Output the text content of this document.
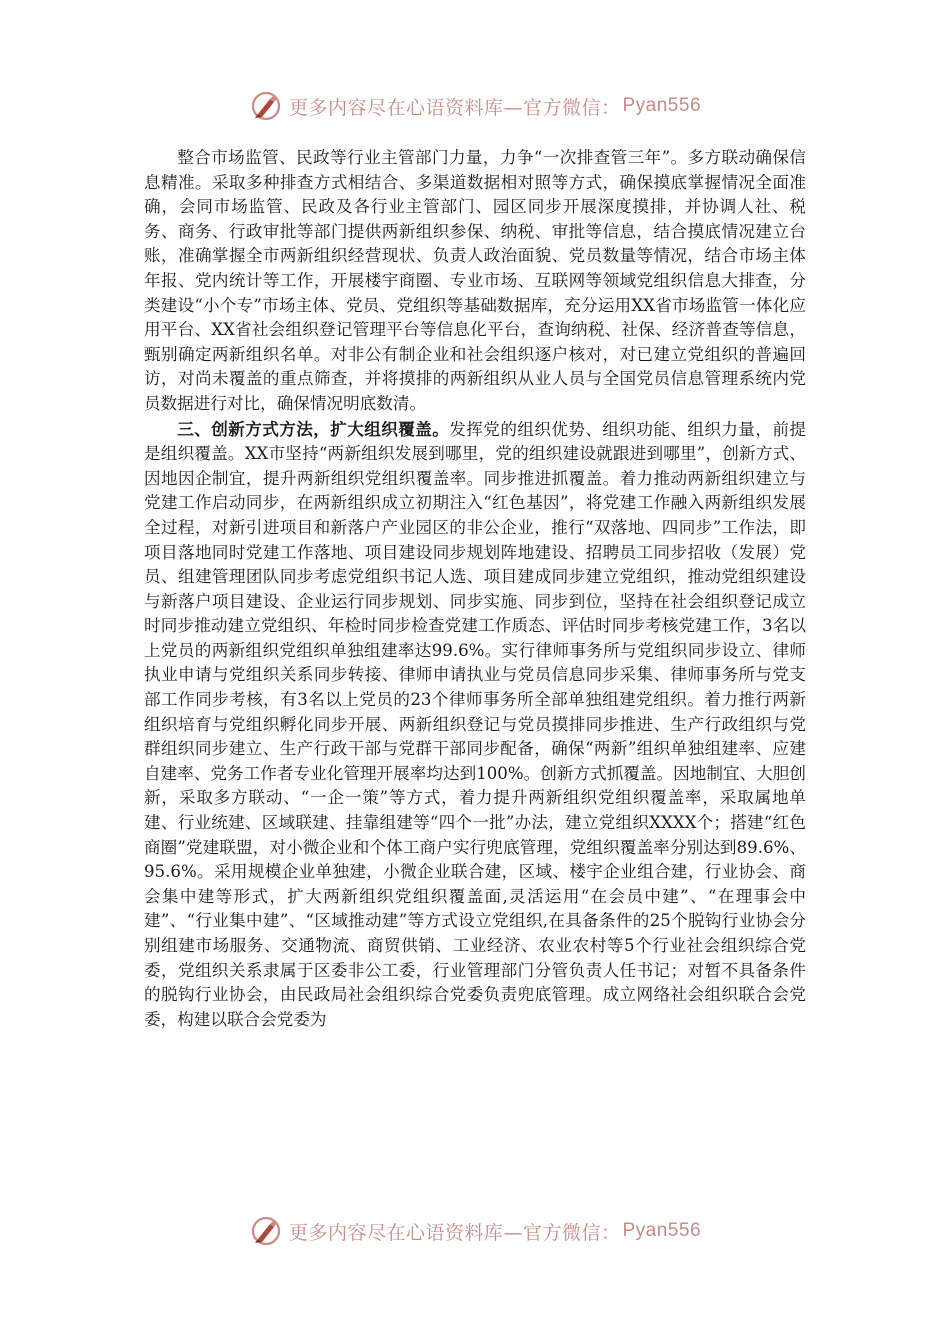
更多内容尽在心语资料库—官方微信： Pyan556

整合市场监管、民政等行业主管部门力量，力争“一次排查管三年”。多方联动确保信息精准。采取多种排查方式相结合、多渠道数据相对照等方式，确保摸底掌握情况全面准确，会同市场监管、民政及各行业主管部门、园区同步开展深度摸排，并协调人社、税务、商务、行政审批等部门提供两新组织参保、纳税、审批等信息，结合摸底情况建立台账，准确掌握全市两新组织经营现状、负责人政治面貌、党员数量等情况，结合市场主体年报、党内统计等工作，开展楼宇商圈、专业市场、互联网等领域党组织信息大排查，分类建设“小个专”市场主体、党员、党组织等基础数据库，充分运用XX省市场监管一体化应用平台、XX省社会组织登记管理平台等信息化平台，查询纳税、社保、经济普查等信息，甄别确定两新组织名单。对非公有制企业和社会组织逐户核对，对已建立党组织的普遍回访，对尚未覆盖的重点筛查，并将摸排的两新组织从业人员与全国党员信息管理系统内党员数据进行对比，确保情况明底数清。

三、创新方式方法，扩大组织覆盖。发挥党的组织优势、组织功能、组织力量，前提是组织覆盖。XX市坚持“两新组织发展到哪里，党的组织建设就跟进到哪里”，创新方式、因地因企制宜，提升两新组织党组织覆盖率。同步推进抓覆盖。着力推动两新组织建立与党建工作启动同步，在两新组织成立初期注入“红色基因”，将党建工作融入两新组织发展全过程，对新引进项目和新落户产业园区的非公企业，推行“双落地、四同步”工作法，即项目落地同时党建工作落地、项目建设同步规划阵地建设、招聘员工同步招收（发展）党员、组建管理团队同步考虑党组织书记人选、项目建成同步建立党组织，推动党组织建设与新落户项目建设、企业运行同步规划、同步实施、同步到位，坚持在社会组织登记成立时同步推动建立党组织、年检时同步检查党建工作质态、评估时同步考核党建工作，3名以上党员的两新组织党组织单独组建率达99.6%。实行律师事务所与党组织同步设立、律师执业申请与党组织关系同步转接、律师申请执业与党员信息同步采集、律师事务所与党支部工作同步考核，有3名以上党员的23个律师事务所全部单独组建党组织。着力推行两新组织培育与党组织孵化同步开展、两新组织登记与党员摸排同步推进、生产行政组织与党群组织同步建立、生产行政干部与党群干部同步配备，确保“两新”组织单独组建率、应建自建率、党务工作者专业化管理开展率均达到100%。创新方式抓覆盖。因地制宜、大胆创新，采取多方联动、“一企一策”等方式，着力提升两新组织党组织覆盖率，采取属地单建、行业统建、区域联建、挂靠组建等“四个一批”办法，建立党组织XXXX个；搭建“红色商圈”党建联盟，对小微企业和个体工商户实行兜底管理，党组织覆盖率分别达到89.6%、95.6%。采用规模企业单独建，小微企业联合建，区域、楼宇企业组合建，行业协会、商会集中建等形式，扩大两新组织党组织覆盖面,灵活运用“在会员中建”、“在理事会中建”、“行业集中建”、“区域推动建”等方式设立党组织,在具备条件的25个脱钩行业协会分别组建市场服务、交通物流、商贸供销、工业经济、农业农村等5个行业社会组织综合党委，党组织关系隶属于区委非公工委，行业管理部门分管负责人任书记；对暂不具备条件的脱钩行业协会，由民政局社会组织综合党委负责兜底管理。成立网络社会组织联合会党委，构建以联合会党委为

更多内容尽在心语资料库—官方微信： Pyan556
